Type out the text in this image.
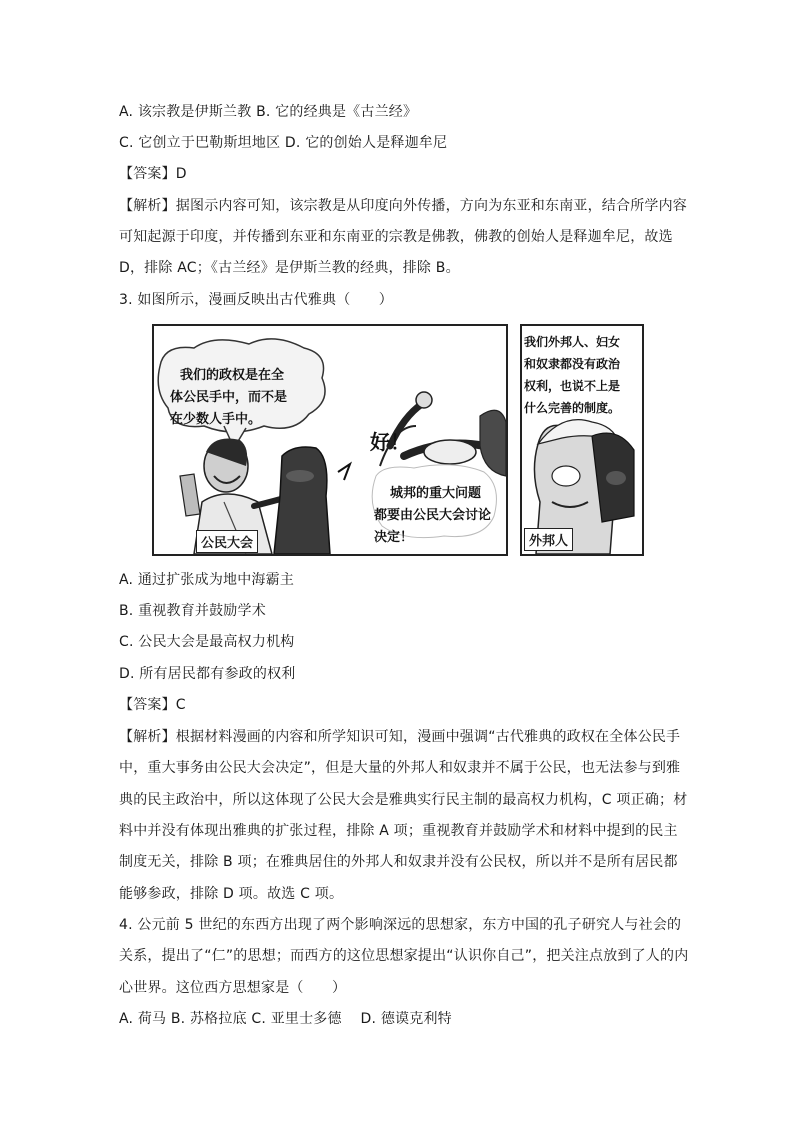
A. 该宗教是伊斯兰教 B. 它的经典是《古兰经》
C. 它创立于巴勒斯坦地区 D. 它的创始人是释迦牟尼
【答案】D
【解析】据图示内容可知，该宗教是从印度向外传播，方向为东亚和东南亚，结合所学内容
可知起源于印度，并传播到东亚和东南亚的宗教是佛教，佛教的创始人是释迦牟尼，故选
D，排除 AC；《古兰经》是伊斯兰教的经典，排除 B。
3. 如图所示，漫画反映出古代雅典（　　）
我们的政权是在全
体公民手中，而不是
在少数人手中。
好！
城邦的重大问题
都要由公民大会讨论
决定！
公民大会
我们外邦人、妇女
和奴隶都没有政治
权利，也说不上是
什么完善的制度。
外邦人
A. 通过扩张成为地中海霸主
B. 重视教育并鼓励学术
C. 公民大会是最高权力机构
D. 所有居民都有参政的权利
【答案】C
【解析】根据材料漫画的内容和所学知识可知，漫画中强调“古代雅典的政权在全体公民手
中，重大事务由公民大会决定”，但是大量的外邦人和奴隶并不属于公民，也无法参与到雅
典的民主政治中，所以这体现了公民大会是雅典实行民主制的最高权力机构，C 项正确；材
料中并没有体现出雅典的扩张过程，排除 A 项；重视教育并鼓励学术和材料中提到的民主
制度无关，排除 B 项；在雅典居住的外邦人和奴隶并没有公民权，所以并不是所有居民都
能够参政，排除 D 项。故选 C 项。
4. 公元前 5 世纪的东西方出现了两个影响深远的思想家，东方中国的孔子研究人与社会的
关系，提出了“仁”的思想；而西方的这位思想家提出“认识你自己”，把关注点放到了人的内
心世界。这位西方思想家是（　　）
A. 荷马 B. 苏格拉底 C. 亚里士多德　 D. 德谟克利特
